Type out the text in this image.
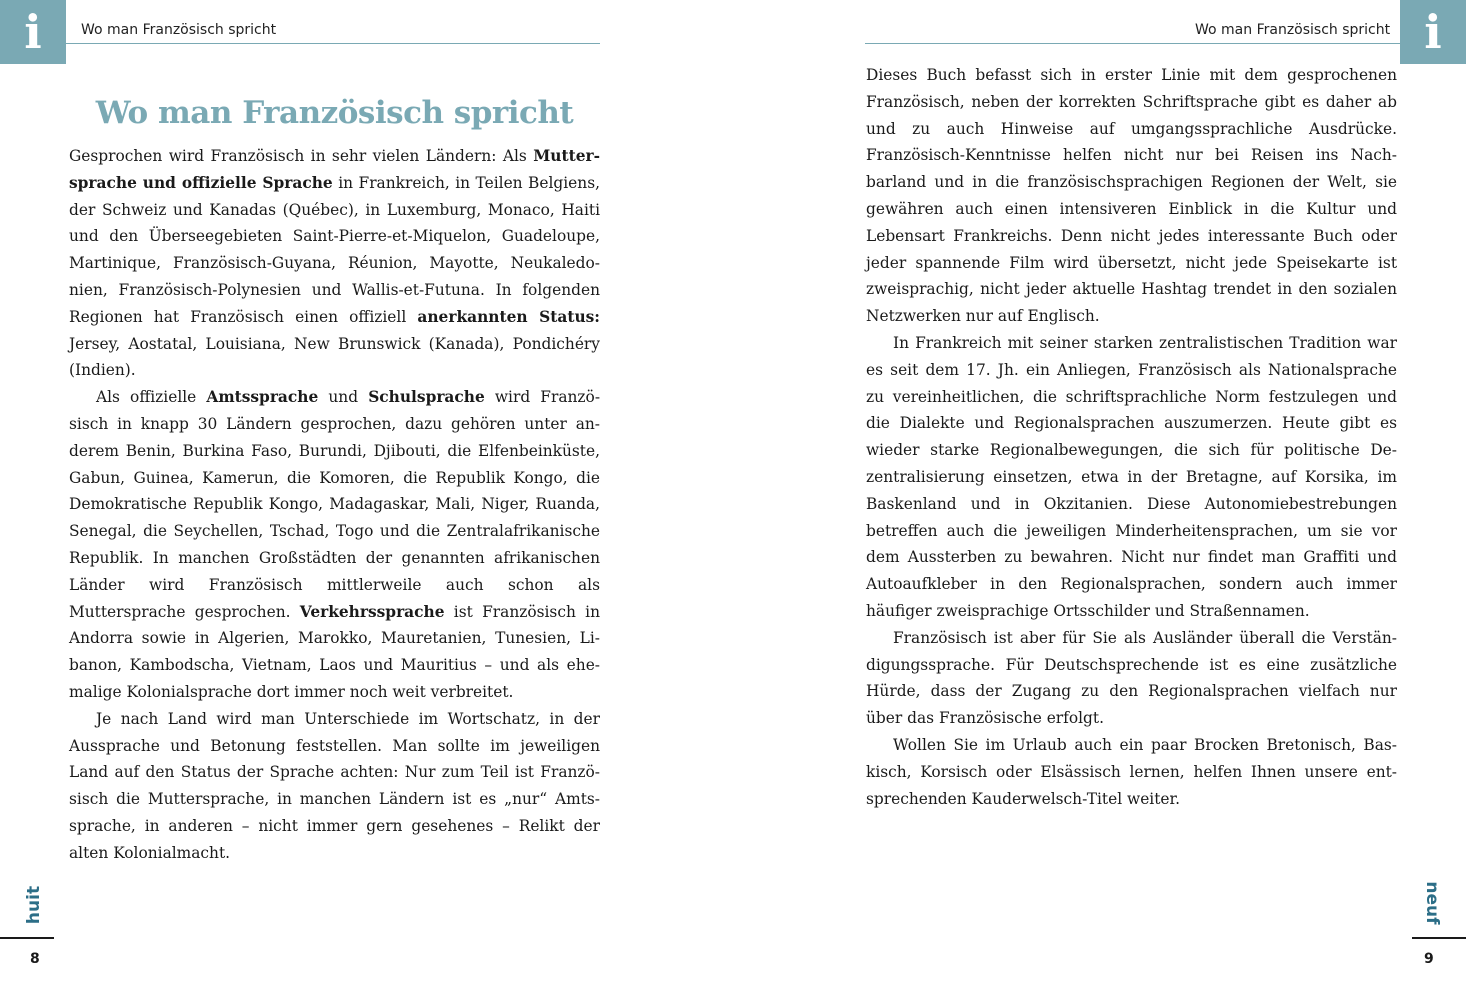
i	Wo man Französisch spricht
Wo man Französisch spricht

Gesprochen wird Französisch in sehr vielen Ländern: Als Muttersprache und offizielle Sprache in Frankreich, in Teilen Belgiens, der Schweiz und Kanadas (Québec), in Luxemburg, Monaco, Haiti und den Überseegebieten Saint-Pierre-et-Miquelon, Guadeloupe, Martinique, Französisch-Guyana, Réunion, Mayotte, Neukaledonien, Französisch-Polynesien und Wallis-et-Futuna. In folgenden Regionen hat Französisch einen offiziell anerkannten Status: Jersey, Aostatal, Louisiana, New Brunswick (Kanada), Pondichéry (Indien).

Als offizielle Amtssprache und Schulsprache wird Französisch in knapp 30 Ländern gesprochen, dazu gehören unter anderem Benin, Burkina Faso, Burundi, Djibouti, die Elfenbeinküste, Gabun, Guinea, Kamerun, die Komoren, die Republik Kongo, die Demokratische Republik Kongo, Madagaskar, Mali, Niger, Ruanda, Senegal, die Seychellen, Tschad, Togo und die Zentralafrikanische Republik. In manchen Großstädten der genannten afrikanischen Länder wird Französisch mittlerweile auch schon als Muttersprache gesprochen. Verkehrssprache ist Französisch in Andorra sowie in Algerien, Marokko, Mauretanien, Tunesien, Libanon, Kambodscha, Vietnam, Laos und Mauritius – und als ehemalige Kolonialsprache dort immer noch weit verbreitet.

Je nach Land wird man Unterschiede im Wortschatz, in der Aussprache und Betonung feststellen. Man sollte im jeweiligen Land auf den Status der Sprache achten: Nur zum Teil ist Französisch die Muttersprache, in manchen Ländern ist es „nur“ Amtssprache, in anderen – nicht immer gern gesehenes – Relikt der alten Kolonialmacht.

huit
8
i
Wo man Französisch spricht

Dieses Buch befasst sich in erster Linie mit dem gesprochenen Französisch, neben der korrekten Schriftsprache gibt es daher ab und zu auch Hinweise auf umgangssprachliche Ausdrücke. Französisch-Kenntnisse helfen nicht nur bei Reisen ins Nachbarland und in die französischsprachigen Regionen der Welt, sie gewähren auch einen intensiveren Einblick in die Kultur und Lebensart Frankreichs. Denn nicht jedes interessante Buch oder jeder spannende Film wird übersetzt, nicht jede Speisekarte ist zweisprachig, nicht jeder aktuelle Hashtag trendet in den sozialen Netzwerken nur auf Englisch.

In Frankreich mit seiner starken zentralistischen Tradition war es seit dem 17. Jh. ein Anliegen, Französisch als Nationalsprache zu vereinheitlichen, die schriftsprachliche Norm festzulegen und die Dialekte und Regionalsprachen auszumerzen. Heute gibt es wieder starke Regionalbewegungen, die sich für politische Dezentralisierung einsetzen, etwa in der Bretagne, auf Korsika, im Baskenland und in Okzitanien. Diese Autonomiebestrebungen betreffen auch die jeweiligen Minderheitensprachen, um sie vor dem Aussterben zu bewahren. Nicht nur findet man Graffiti und Autoaufkleber in den Regionalsprachen, sondern auch immer häufiger zweisprachige Ortsschilder und Straßennamen.

Französisch ist aber für Sie als Ausländer überall die Verständigungssprache. Für Deutschsprechende ist es eine zusätzliche Hürde, dass der Zugang zu den Regionalsprachen vielfach nur über das Französische erfolgt.

Wollen Sie im Urlaub auch ein paar Brocken Bretonisch, Baskisch, Korsisch oder Elsässisch lernen, helfen Ihnen unsere entsprechenden Kauderwelsch-Titel weiter.

neuf
9
